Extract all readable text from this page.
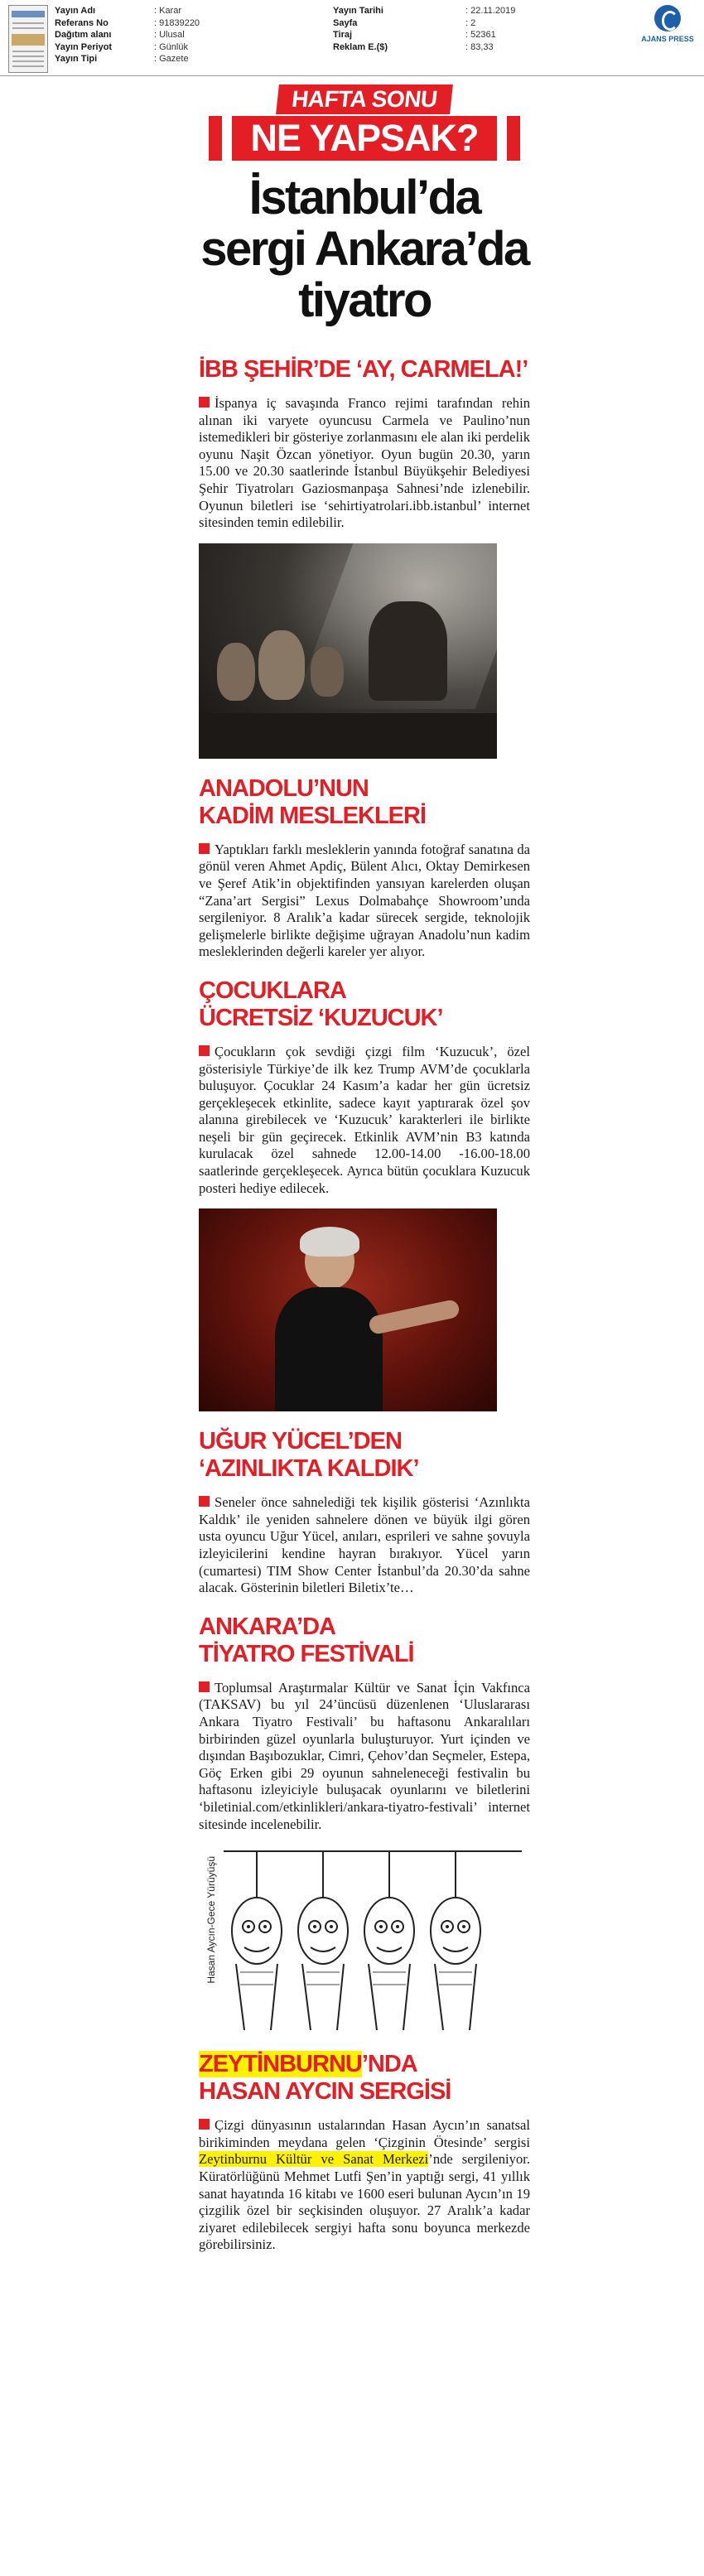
Yayın Adı	: Karar
Referans No	: 91839220
Dağıtım alanı	: Ulusal
Yayın Periyot	: Günlük
Yayın Tipi	: Gazete
Yayın Tarihi	: 22.11.2019
Sayfa	: 2
Tiraj	: 52361
Reklam E.($)	: 83,33
AJANS PRESS
HAFTA SONU
NE YAPSAK?
İstanbul’da
sergi Ankara’da
tiyatro
İBB ŞEHİR’DE ‘AY, CARMELA!’

İspanya iç savaşında Franco rejimi tarafından rehin alınan iki varyete oyuncusu Carmela ve Paulino’nun istemedikleri bir gösteriye zorlanmasını ele alan iki perdelik oyunu Naşit Özcan yönetiyor. Oyun bugün 20.30, yarın 15.00 ve 20.30 saatlerinde İstanbul Büyükşehir Belediyesi Şehir Tiyatroları Gaziosmanpaşa Sahnesi’nde izlenebilir. Oyunun biletleri ise ‘sehirtiyatrolari.ibb.istanbul’ internet sitesinden temin edilebilir.

ANADOLU’NUN
KADİM MESLEKLERİ

Yaptıkları farklı mesleklerin yanında fotoğraf sanatına da gönül veren Ahmet Apdiç, Bülent Alıcı, Oktay Demirkesen ve Şeref Atik’in objektifinden yansıyan karelerden oluşan “Zana’art Sergisi” Lexus Dolmabahçe Showroom’unda sergileniyor. 8 Aralık’a kadar sürecek sergide, teknolojik gelişmelerle birlikte değişime uğrayan Anadolu’nun kadim mesleklerinden değerli kareler yer alıyor.

ÇOCUKLARA
ÜCRETSİZ ‘KUZUCUK’

Çocukların çok sevdiği çizgi film ‘Kuzucuk’, özel gösterisiyle Türkiye’de ilk kez Trump AVM’de çocuklarla buluşuyor. Çocuklar 24 Kasım’a kadar her gün ücretsiz gerçekleşecek etkinlite, sadece kayıt yaptırarak özel şov alanına girebilecek ve ‘Kuzucuk’ karakterleri ile birlikte neşeli bir gün geçirecek. Etkinlik AVM’nin B3 katında kurulacak özel sahnede 12.00-14.00 -16.00-18.00 saatlerinde gerçekleşecek. Ayrıca bütün çocuklara Kuzucuk posteri hediye edilecek.

UĞUR YÜCEL’DEN
‘AZINLIKTA KALDIK’

Seneler önce sahnelediği tek kişilik gösterisi ‘Azınlıkta Kaldık’ ile yeniden sahnelere dönen ve büyük ilgi gören usta oyuncu Uğur Yücel, anıları, esprileri ve sahne şovuyla izleyicilerini kendine hayran bırakıyor. Yücel yarın (cumartesi) TIM Show Center İstanbul’da 20.30’da sahne alacak. Gösterinin biletleri Biletix’te…

ANKARA’DA
TİYATRO FESTİVALİ

Toplumsal Araştırmalar Kültür ve Sanat İçin Vakfınca (TAKSAV) bu yıl 24’üncüsü düzenlenen ‘Uluslararası Ankara Tiyatro Festivali’ bu haftasonu Ankaralıları birbirinden güzel oyunlarla buluşturuyor. Yurt içinden ve dışından Başıbozuklar, Cimri, Çehov’dan Seçmeler, Estepa, Göç Erken gibi 29 oyunun sahneleneceği festivalin bu haftasonu izleyiciyle buluşacak oyunlarını ve biletlerini ‘biletinial.com/etkinlikleri/ankara-tiyatro-festivali’ internet sitesinde incelenebilir.

Hasan Aycın-Gece Yürüyüşü
ZEYTİNBURNU’NDA
HASAN AYCIN SERGİSİ

Çizgi dünyasının ustalarından Hasan Aycın’ın sanatsal birikiminden meydana gelen ‘Çizginin Ötesinde’ sergisi Zeytinburnu Kültür ve Sanat Merkezi’nde sergileniyor. Küratörlüğünü Mehmet Lutfi Şen’in yaptığı sergi, 41 yıllık sanat hayatında 16 kitabı ve 1600 eseri bulunan Aycın’ın 19 çizgilik özel bir seçkisinden oluşuyor. 27 Aralık’a kadar ziyaret edilebilecek sergiyi hafta sonu boyunca merkezde görebilirsiniz.
